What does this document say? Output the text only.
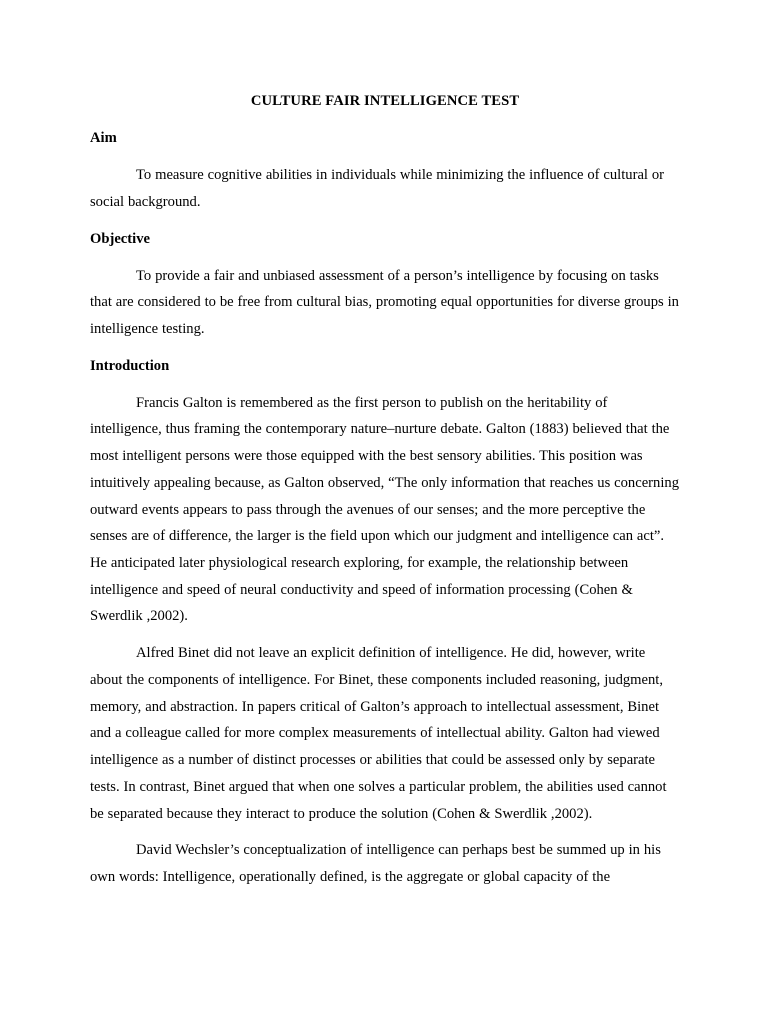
CULTURE FAIR INTELLIGENCE TEST
Aim

To measure cognitive abilities in individuals while minimizing the influence of cultural or social background.

Objective

To provide a fair and unbiased assessment of a person’s intelligence by focusing on tasks that are considered to be free from cultural bias, promoting equal opportunities for diverse groups in intelligence testing.

Introduction

Francis Galton is remembered as the first person to publish on the heritability of intelligence, thus framing the contemporary nature–nurture debate. Galton (1883) believed that the most intelligent persons were those equipped with the best sensory abilities. This position was intuitively appealing because, as Galton observed, “The only information that reaches us concerning outward events appears to pass through the avenues of our senses; and the more perceptive the senses are of difference, the larger is the field upon which our judgment and intelligence can act”. He anticipated later physiological research exploring, for example, the relationship between intelligence and speed of neural conductivity and speed of information processing (Cohen & Swerdlik ,2002).

Alfred Binet did not leave an explicit definition of intelligence. He did, however, write about the components of intelligence. For Binet, these components included reasoning, judgment, memory, and abstraction. In papers critical of Galton’s approach to intellectual assessment, Binet and a colleague called for more complex measurements of intellectual ability. Galton had viewed intelligence as a number of distinct processes or abilities that could be assessed only by separate tests. In contrast, Binet argued that when one solves a particular problem, the abilities used cannot be separated because they interact to produce the solution (Cohen & Swerdlik ,2002).

David Wechsler’s conceptualization of intelligence can perhaps best be summed up in his own words: Intelligence, operationally defined, is the aggregate or global capacity of the
